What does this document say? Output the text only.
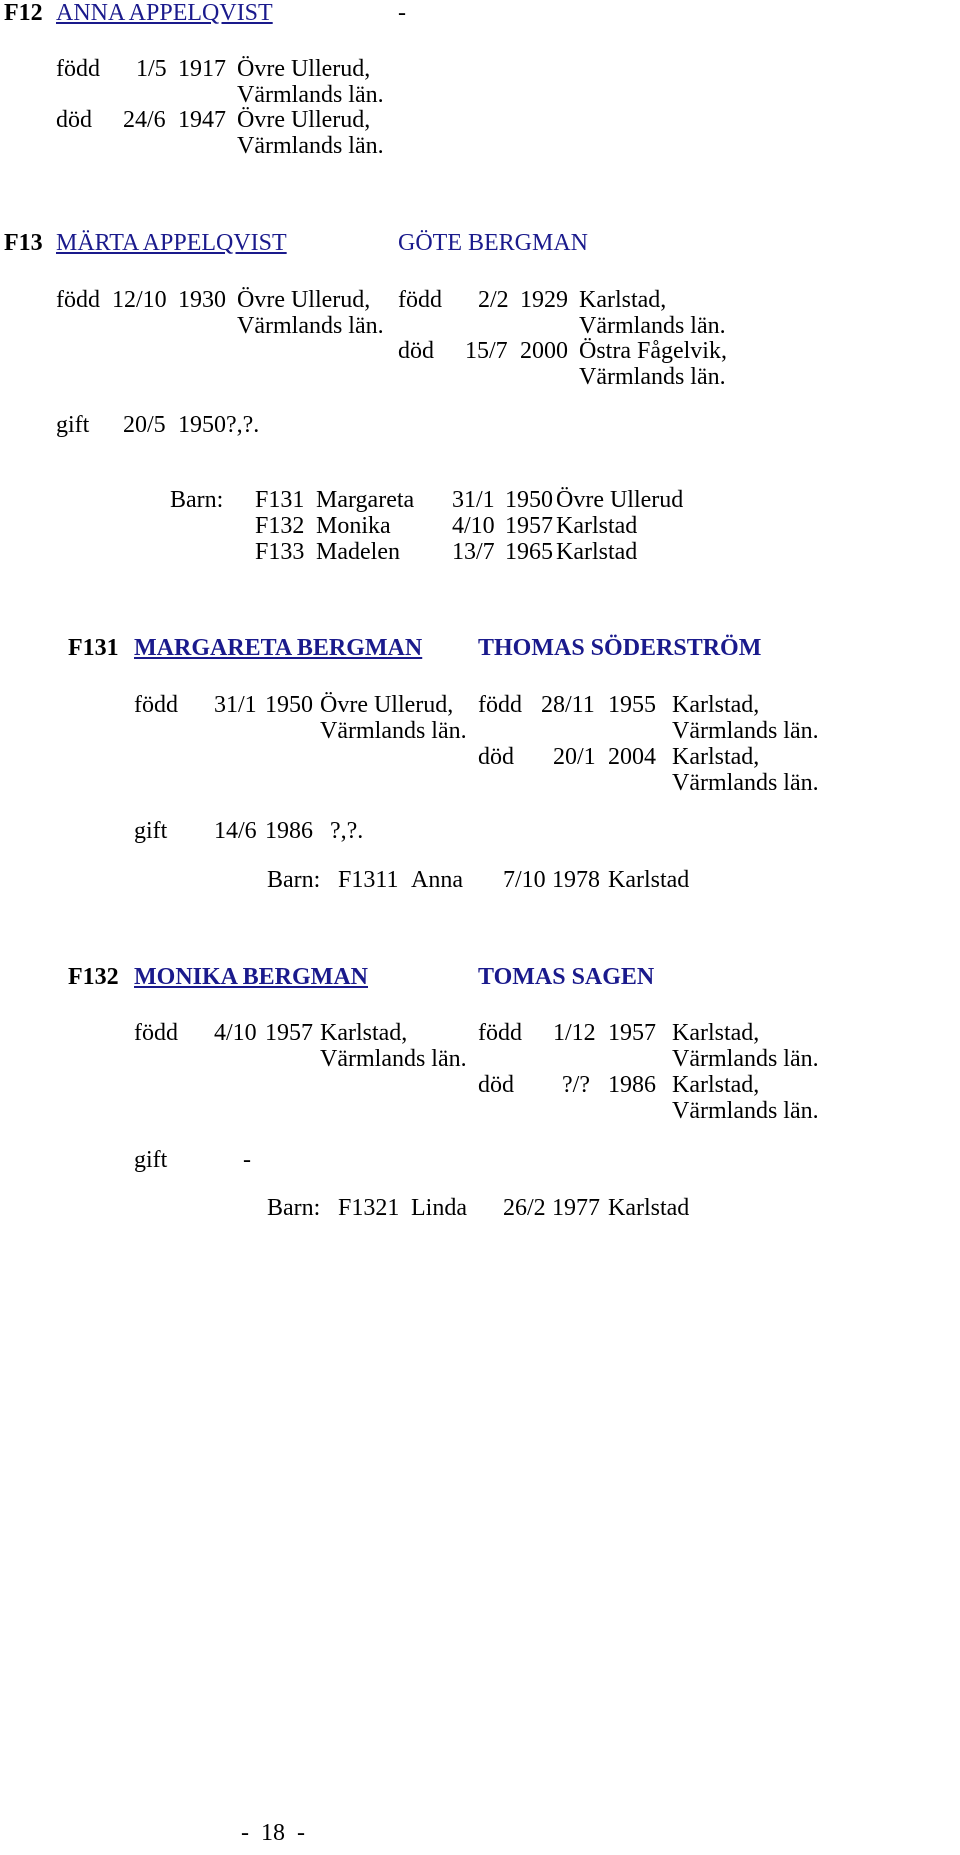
F12 ANNA APPELQVIST	-
född 1/5 1917 Övre Ullerud,
Värmlands län.
död 24/6 1947 Övre Ullerud,
Värmlands län.
F13 MÄRTA APPELQVIST	GÖTE BERGMAN
född 12/10 1930 Övre Ullerud,
Värmlands län.
född 2/2 1929 Karlstad,
Värmlands län.
död 15/7 2000 Östra Fågelvik,
Värmlands län.
gift 20/5 1950 ?,?.
Barn: F131 Margareta 31/1 1950 Övre Ullerud
F132 Monika	4/10 1957 Karlstad
F133 Madelen 13/7 1965 Karlstad
F131 MARGARETA BERGMAN THOMAS SÖDERSTRÖM
född 31/1 1950 Övre Ullerud,
Värmlands län.
född 28/11 1955 Karlstad,
Värmlands län.
död 20/1 2004 Karlstad,
Värmlands län.
gift 14/6 1986 ?,?.
Barn: F1311 Anna 7/10 1978 Karlstad
F132 MONIKA BERGMAN	TOMAS SAGEN
född 4/10 1957 Karlstad,
Värmlands län.
född 1/12 1957 Karlstad,
Värmlands län.
död ?/? 1986 Karlstad,
Värmlands län.
gift	-
Barn: F1321 Linda 26/2 1977 Karlstad
-  18  -
